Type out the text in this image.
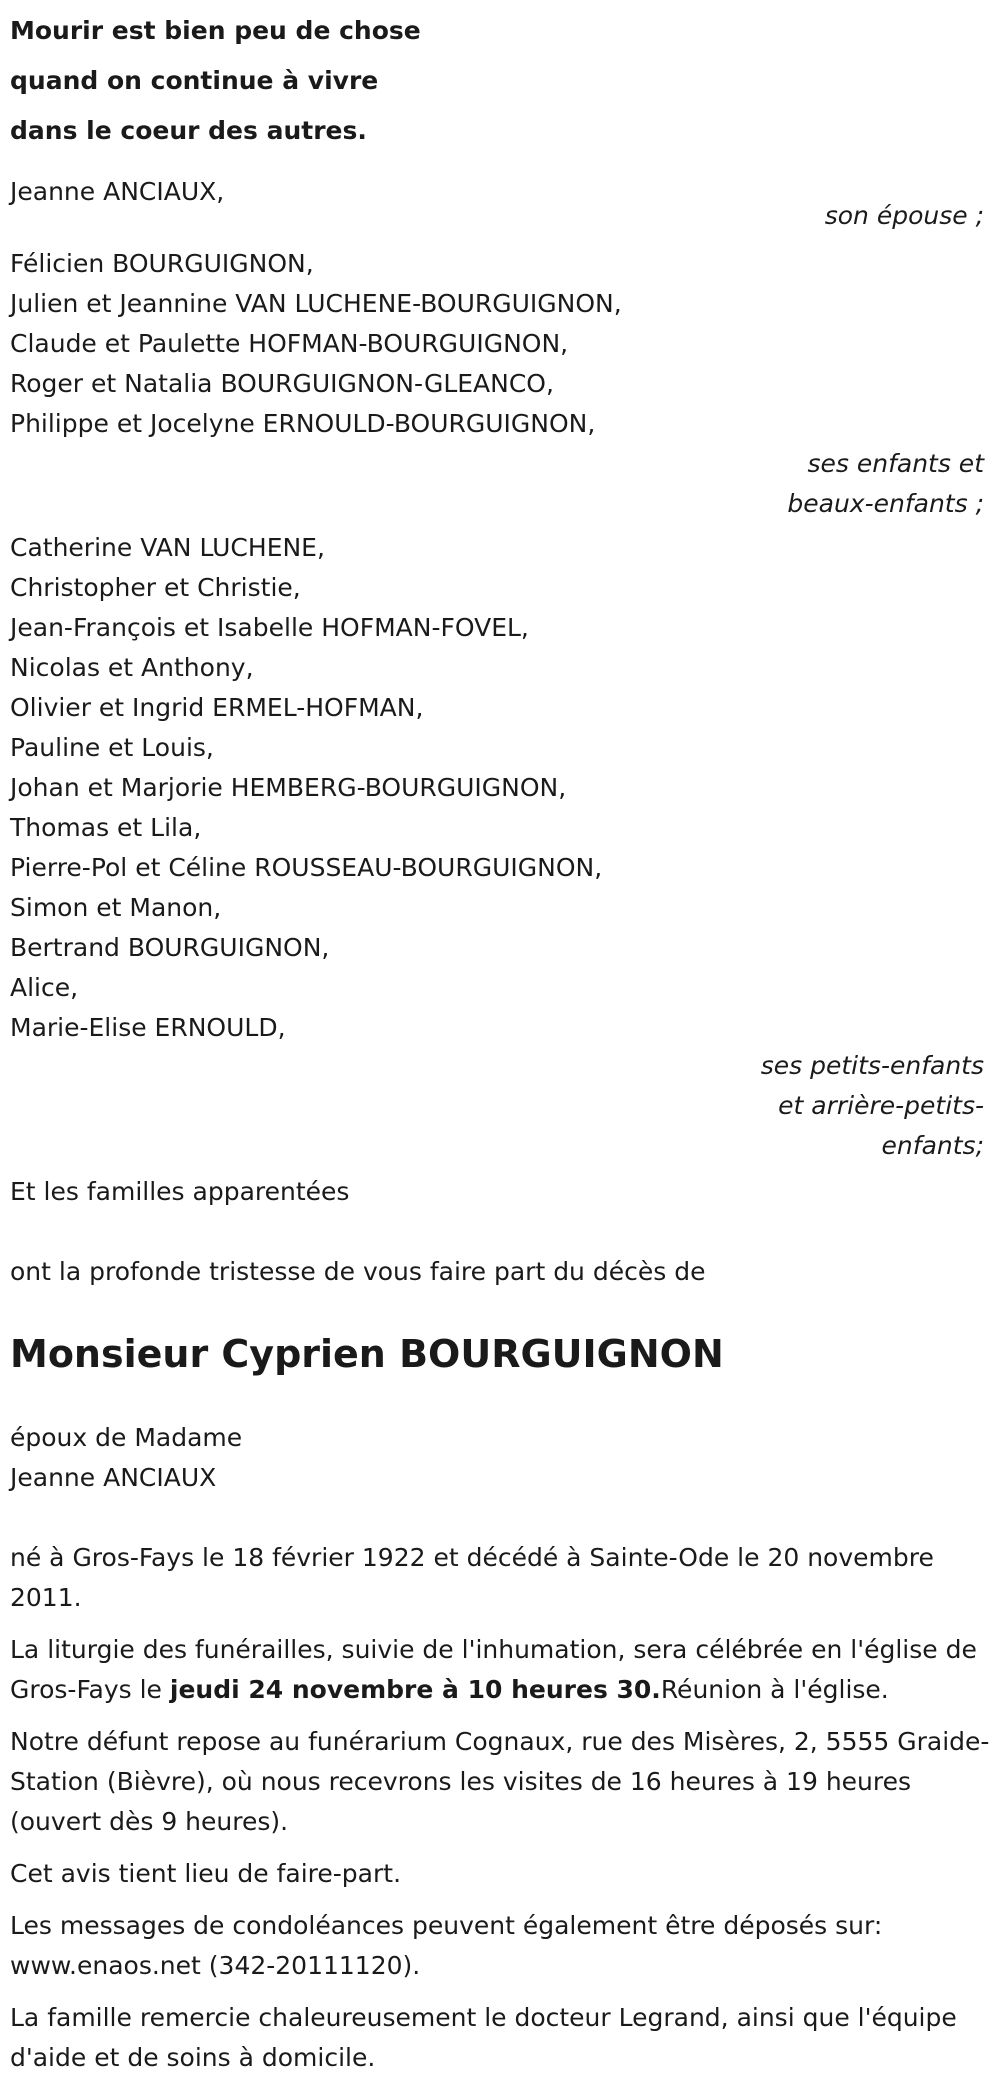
Mourir est bien peu de chose
quand on continue à vivre
dans le coeur des autres.
Jeanne ANCIAUX,
son épouse ;
Félicien BOURGUIGNON,
Julien et Jeannine VAN LUCHENE-BOURGUIGNON,
Claude et Paulette HOFMAN-BOURGUIGNON,
Roger et Natalia BOURGUIGNON-GLEANCO,
Philippe et Jocelyne ERNOULD-BOURGUIGNON,
ses enfants et
beaux-enfants ;
Catherine VAN LUCHENE,
Christopher et Christie,
Jean-François et Isabelle HOFMAN-FOVEL,
Nicolas et Anthony,
Olivier et Ingrid ERMEL-HOFMAN,
Pauline et Louis,
Johan et Marjorie HEMBERG-BOURGUIGNON,
Thomas et Lila,
Pierre-Pol et Céline ROUSSEAU-BOURGUIGNON,
Simon et Manon,
Bertrand BOURGUIGNON,
Alice,
Marie-Elise ERNOULD,
ses petits-enfants
et arrière-petits-
enfants;
Et les familles apparentées
ont la profonde tristesse de vous faire part du décès de
Monsieur Cyprien BOURGUIGNON
époux de Madame
Jeanne ANCIAUX

né à Gros-Fays le 18 février 1922 et décédé à Sainte-Ode le 20 novembre 2011.

La liturgie des funérailles, suivie de l'inhumation, sera célébrée en l'église de Gros-Fays le jeudi 24 novembre à 10 heures 30.Réunion à l'église.

Notre défunt repose au funérarium Cognaux, rue des Misères, 2, 5555 Graide-Station (Bièvre), où nous recevrons les visites de 16 heures à 19 heures (ouvert dès 9 heures).

Cet avis tient lieu de faire-part.

Les messages de condoléances peuvent également être déposés sur: www.enaos.net (342-20111120).

La famille remercie chaleureusement le docteur Legrand, ainsi que l'équipe d'aide et de soins à domicile.
